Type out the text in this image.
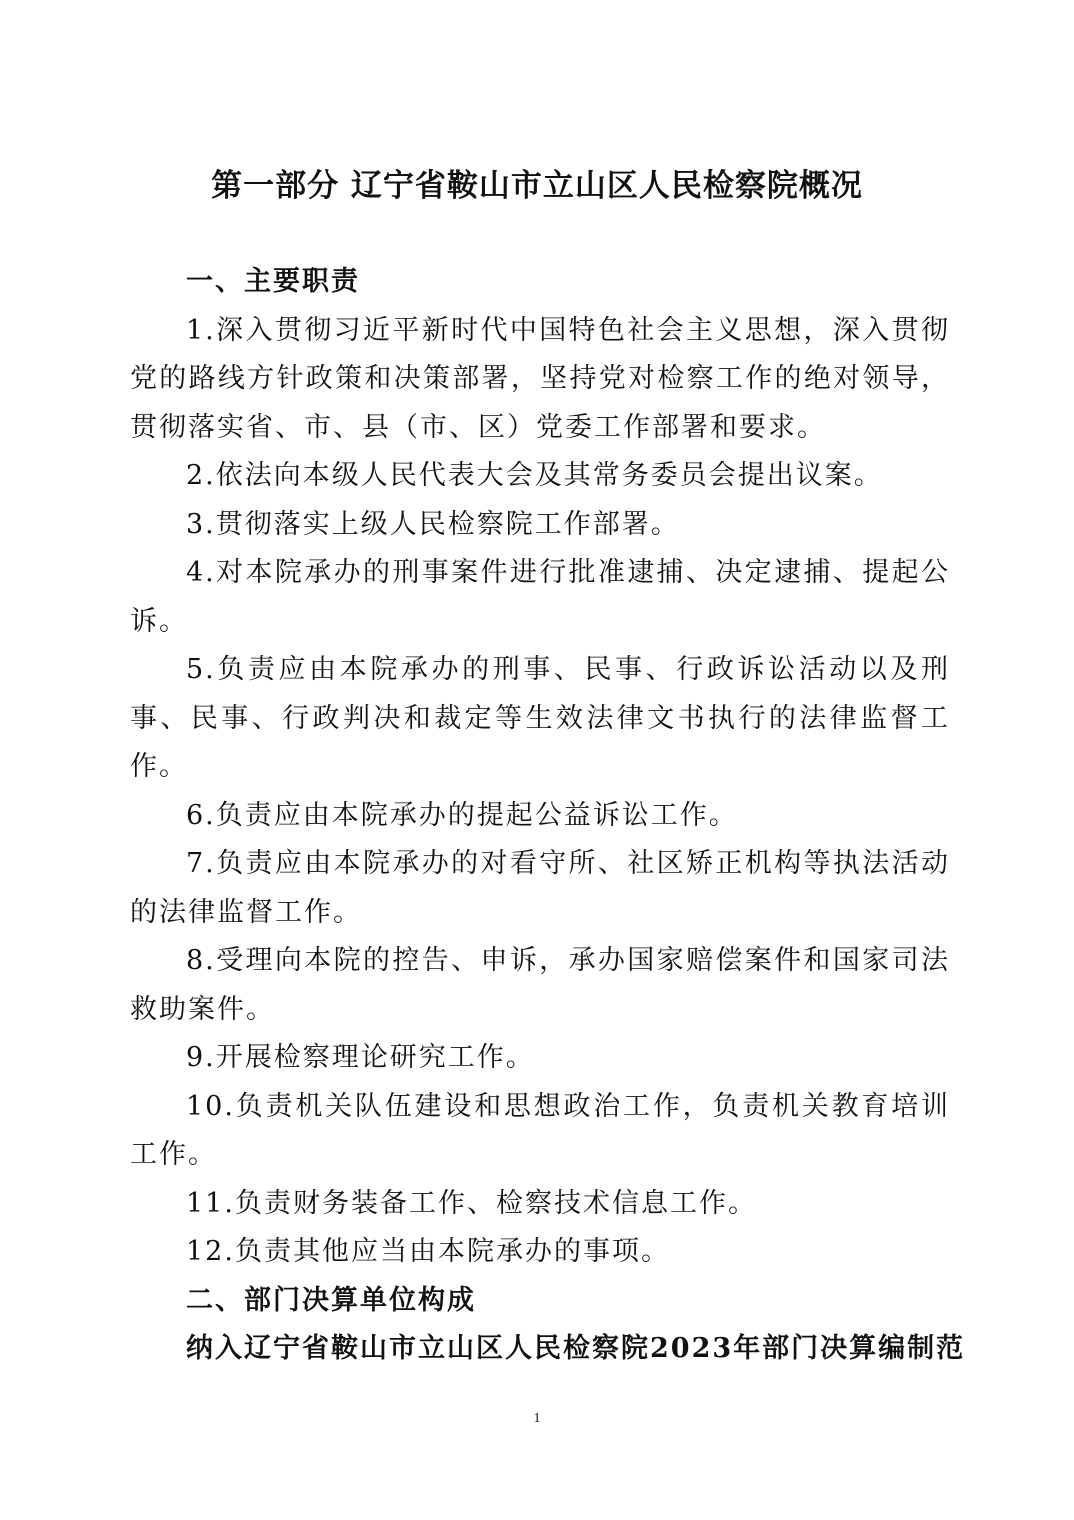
第一部分 辽宁省鞍山市立山区人民检察院概况
一、主要职责

1.深入贯彻习近平新时代中国特色社会主义思想，深入贯彻党的路线方针政策和决策部署，坚持党对检察工作的绝对领导，贯彻落实省、市、县（市、区）党委工作部署和要求。

2.依法向本级人民代表大会及其常务委员会提出议案。

3.贯彻落实上级人民检察院工作部署。

4.对本院承办的刑事案件进行批准逮捕、决定逮捕、提起公诉。

5.负责应由本院承办的刑事、民事、行政诉讼活动以及刑事、民事、行政判决和裁定等生效法律文书执行的法律监督工作。

6.负责应由本院承办的提起公益诉讼工作。

7.负责应由本院承办的对看守所、社区矫正机构等执法活动的法律监督工作。

8.受理向本院的控告、申诉，承办国家赔偿案件和国家司法救助案件。

9.开展检察理论研究工作。

10.负责机关队伍建设和思想政治工作，负责机关教育培训工作。

11.负责财务装备工作、检察技术信息工作。

12.负责其他应当由本院承办的事项。

二、部门决算单位构成

纳入辽宁省鞍山市立山区人民检察院2023年部门决算编制范

1
